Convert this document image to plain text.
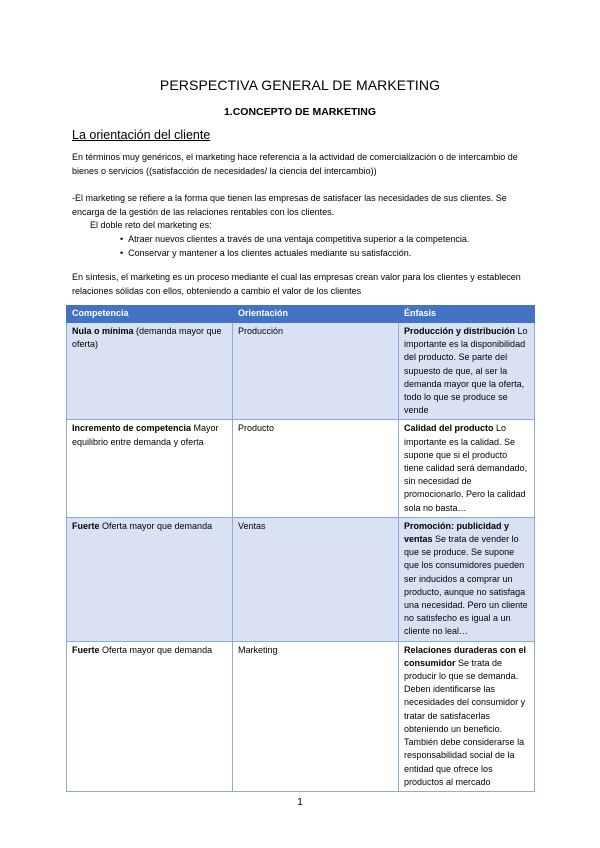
PERSPECTIVA GENERAL DE MARKETING
1.CONCEPTO DE MARKETING
La orientación del cliente
En términos muy genéricos, el marketing hace referencia a la actividad de comercialización o de intercambio de bienes o servicios ((satisfacción de necesidades/ la ciencia del intercambio))
-El marketing se refiere a la forma que tienen las empresas de satisfacer las necesidades de sus clientes. Se encarga de la gestión de las relaciones rentables con los clientes.
El doble reto del marketing es:
• Atraer nuevos clientes a través de una ventaja competitiva superior a la competencia.
• Conservar y mantener a los clientes actuales mediante su satisfacción.
En síntesis, el marketing es un proceso mediante el cual las empresas crean valor para los clientes y establecen relaciones sólidas con ellos, obteniendo a cambio el valor de los clientes
Competencia	Orientación	Énfasis
Nula o mínima (demanda mayor que oferta)	Producción	Producción y distribución Lo importante es la disponibilidad del producto. Se parte del supuesto de que, al ser la demanda mayor que la oferta, todo lo que se produce se vende
Incremento de competencia Mayor equilibrio entre demanda y oferta	Producto	Calidad del producto Lo importante es la calidad. Se supone que si el producto tiene calidad será demandado, sin necesidad de promocionarlo. Pero la calidad sola no basta…
Fuerte Oferta mayor que demanda	Ventas	Promoción: publicidad y ventas Se trata de vender lo que se produce. Se supone que los consumidores pueden ser inducidos a comprar un producto, aunque no satisfaga una necesidad. Pero un cliente no satisfecho es igual a un cliente no leal…
Fuerte Oferta mayor que demanda	Marketing	Relaciones duraderas con el consumidor Se trata de producir lo que se demanda. Deben identificarse las necesidades del consumidor y tratar de satisfacerlas obteniendo un beneficio. También debe considerarse la responsabilidad social de la entidad que ofrece los productos al mercado
1
